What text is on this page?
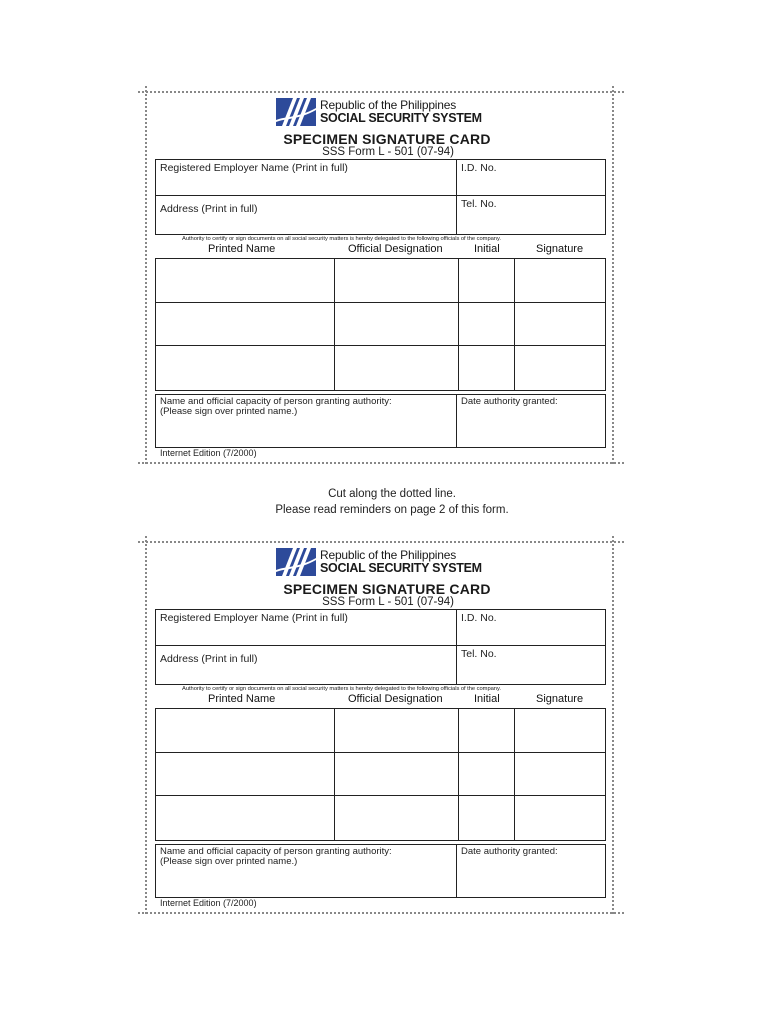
Republic of the Philippines
SOCIAL SECURITY SYSTEM
SPECIMEN SIGNATURE CARD
SSS Form L - 501 (07-94)
Registered Employer Name (Print in full)	I.D. No.
Address (Print in full)	Tel. No.
Authority to certify or sign documents on all social security matters is hereby delegated to the following officials of the company.
Printed Name	Official Designation	Initial	Signature
Name and official capacity of person granting authority:
(Please sign over printed name.)
Date authority granted:
Internet Edition (7/2000)
Cut along the dotted line.
Please read reminders on page 2 of this form.
Republic of the Philippines
SOCIAL SECURITY SYSTEM
SPECIMEN SIGNATURE CARD
SSS Form L - 501 (07-94)
Registered Employer Name (Print in full)	I.D. No.
Address (Print in full)	Tel. No.
Authority to certify or sign documents on all social security matters is hereby delegated to the following officials of the company.
Printed Name	Official Designation	Initial	Signature
Name and official capacity of person granting authority:
(Please sign over printed name.)
Date authority granted:
Internet Edition (7/2000)
